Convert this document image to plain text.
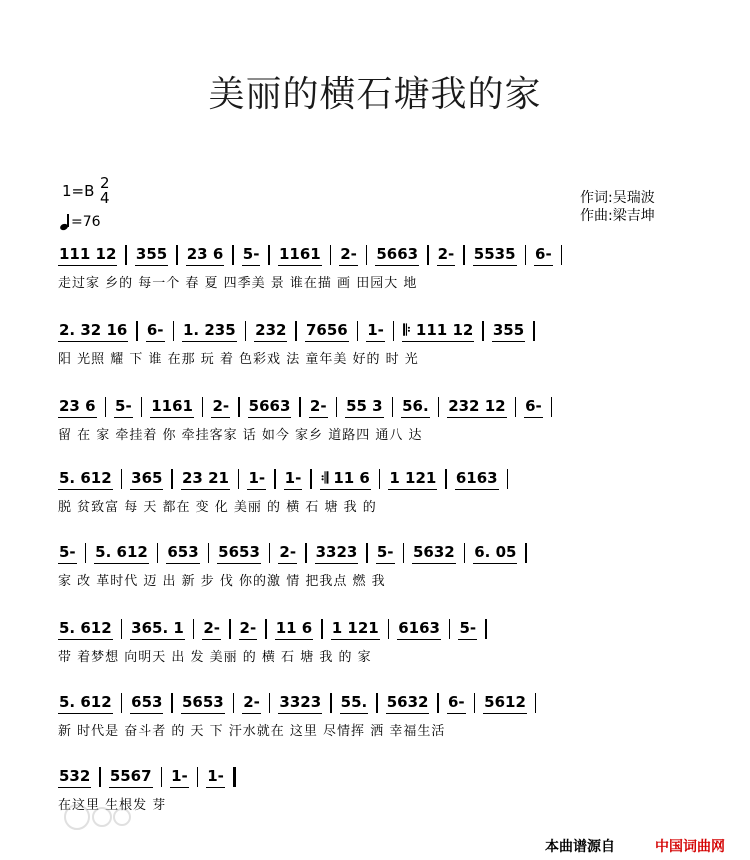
美丽的横石塘我的家
1=B 2
4
=76
作词:吴瑞波
作曲:梁吉坤
111 12 355 23 6 5- 1161 2- 5663 2- 5535 6-
走过家 乡的 每一个 春 夏 四季美 景 谁在描 画 田园大 地
2. 32 16 6- 1. 235 232 7656 1- 𝄆 111 12 355
阳 光照 耀 下 谁 在那 玩 着 色彩戏 法 童年美 好的 时 光
23 6 5- 1161 2- 5663 2- 55 3 56. 232 12 6-
留 在 家 牵挂着 你 牵挂客家 话 如今 家乡 道路四 通八 达
5. 612 365 23 21 1- 1- 𝄇 11 6 1 121 6163
脱 贫致富 每 天 都在 变 化 美丽 的 横 石 塘 我 的
5- 5. 612 653 5653 2- 3323 5- 5632 6. 05
家 改 革时代 迈 出 新 步 伐 你的激 情 把我点 燃 我
5. 612 365. 1 2- 2- 11 6 1 121 6163 5-
带 着梦想 向明天 出 发 美丽 的 横 石 塘 我 的 家
5. 612 653 5653 2- 3323 55. 5632 6- 5612
新 时代是 奋斗者 的 天 下 汗水就在 这里 尽情挥 洒 幸福生活
532 5567 1- 1-
在这里 生根发 芽
本曲谱源自	中国词曲网
